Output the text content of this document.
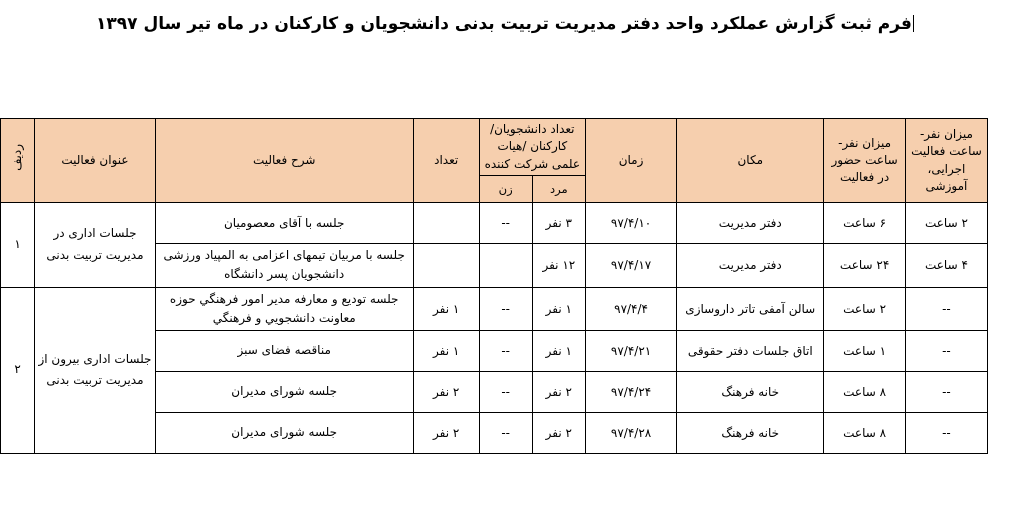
فرم ثبت گزارش عملکرد واحد دفتر مدیریت تربیت بدنی دانشجویان و کارکنان در ماه تیر سال ۱۳۹۷
میزان نفر- ساعت فعالیت اجرایی، آموزشی	میزان نفر- ساعت حضور در فعالیت	مکان	زمان	تعداد دانشجویان/ کارکنان /هیات علمی شرکت کننده		تعداد	شرح فعالیت	عنوان فعالیت	ردیف
				مرد	زن				
۲ ساعت	۶ ساعت	دفتر مدیریت	۹۷/۴/۱۰	۳ نفر	--		جلسه با آقای معصومیان	جلسات اداری در مدیریت تربیت بدنی	۱
۴ ساعت	۲۴ ساعت	دفتر مدیریت	۹۷/۴/۱۷	۱۲ نفر			جلسه با مربیان تیمهای اعزامی به المپیاد ورزشی دانشجویان پسر دانشگاه		
--	۲ ساعت	سالن آمفی تاتر داروسازی	۹۷/۴/۴	۱ نفر	--	۱ نفر	جلسه توديع و معارفه مدير امور فرهنگي حوزه معاونت دانشجويي و فرهنگي	جلسات اداری بیرون از مدیریت تربیت بدنی	۲
--	۱ ساعت	اتاق جلسات دفتر حقوقی	۹۷/۴/۲۱	۱ نفر	--	۱ نفر	مناقصه فضای سبز		
--	۸ ساعت	خانه فرهنگ	۹۷/۴/۲۴	۲ نفر	--	۲ نفر	جلسه شورای مدیران		
--	۸ ساعت	خانه فرهنگ	۹۷/۴/۲۸	۲ نفر	--	۲ نفر	جلسه شورای مدیران		
